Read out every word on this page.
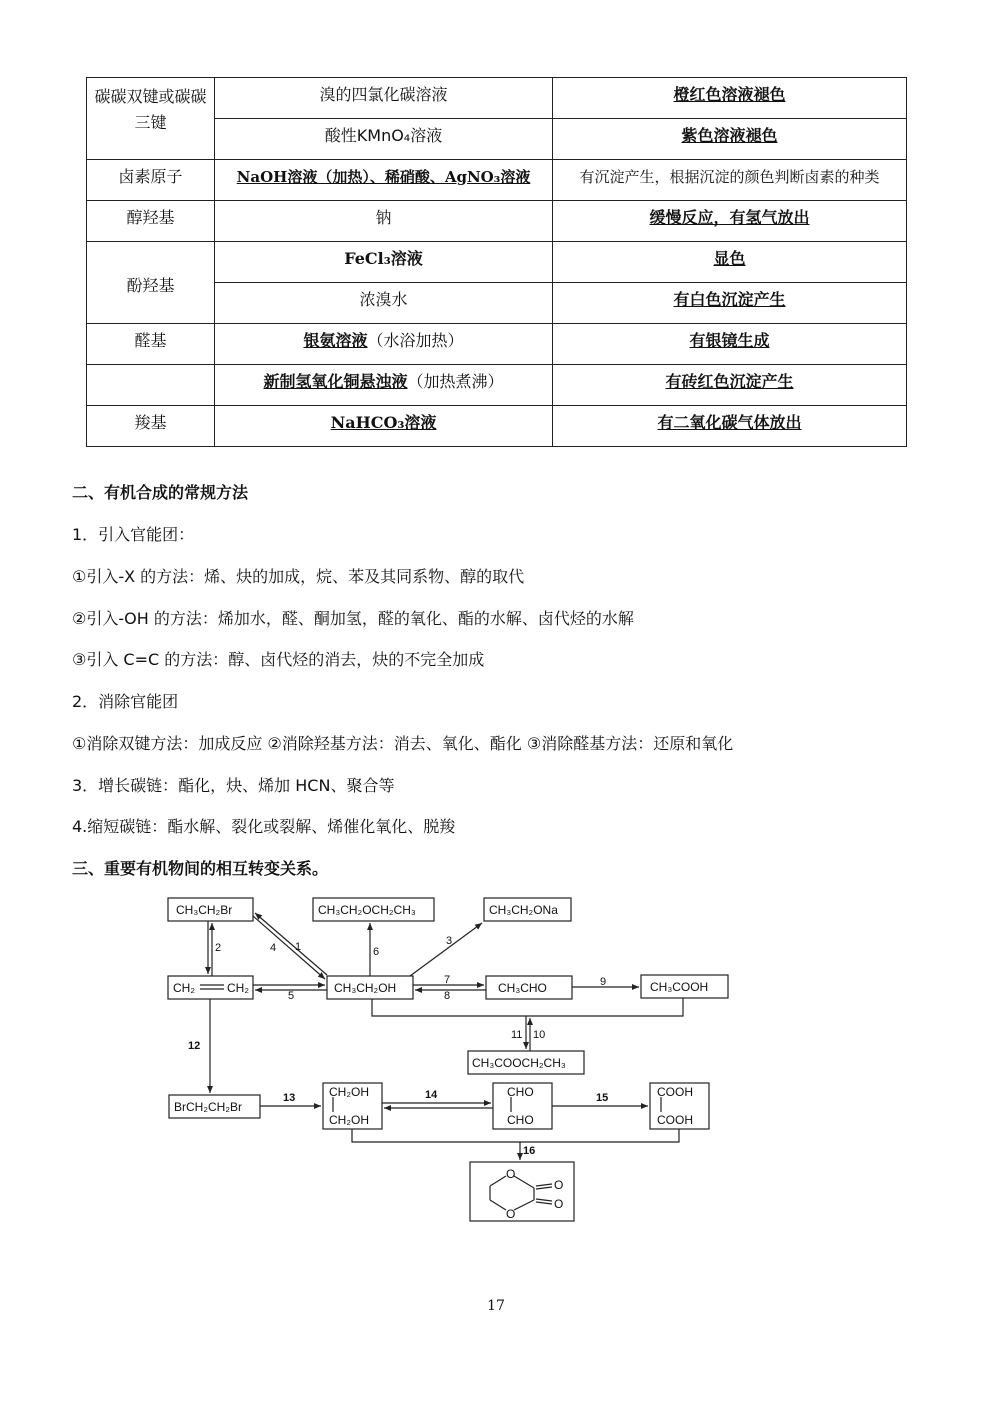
碳碳双键或碳碳三键	溴的四氯化碳溶液	橙红色溶液褪色
	酸性KMnO₄溶液	紫色溶液褪色
卤素原子	NaOH溶液（加热）、稀硝酸、AgNO₃溶液	有沉淀产生，根据沉淀的颜色判断卤素的种类
醇羟基	钠	缓慢反应，有氢气放出
酚羟基	FeCl₃溶液	显色
	浓溴水	有白色沉淀产生
醛基	银氨溶液（水浴加热）	有银镜生成
	新制氢氧化铜悬浊液（加热煮沸）	有砖红色沉淀产生
羧基	NaHCO₃溶液	有二氧化碳气体放出
二、有机合成的常规方法
1．引入官能团：
①引入-X 的方法：烯、炔的加成，烷、苯及其同系物、醇的取代
②引入-OH 的方法：烯加水，醛、酮加氢，醛的氧化、酯的水解、卤代烃的水解
③引入 C=C 的方法：醇、卤代烃的消去，炔的不完全加成
2．消除官能团
①消除双键方法：加成反应 ②消除羟基方法：消去、氧化、酯化 ③消除醛基方法：还原和氧化
3．增长碳链：酯化，炔、烯加 HCN、聚合等
4.缩短碳链：酯水解、裂化或裂解、烯催化氧化、脱羧
三、重要有机物间的相互转变关系。
CH₃CH₂Br	CH₃CH₂OCH₂CH₃	CH₃CH₂ONa
CH₂	CH₂	CH₃CH₂OH	CH₃CHO	CH₃COOH
CH₃COOCH₂CH₃
BrCH₂CH₂Br
CH₂OH
CH₂OH
CHO
CHO
COOH
COOH
O
O
O
O
1
2
3
4
5
6
7
8
9
10
11
12
13	14	15
16
17
